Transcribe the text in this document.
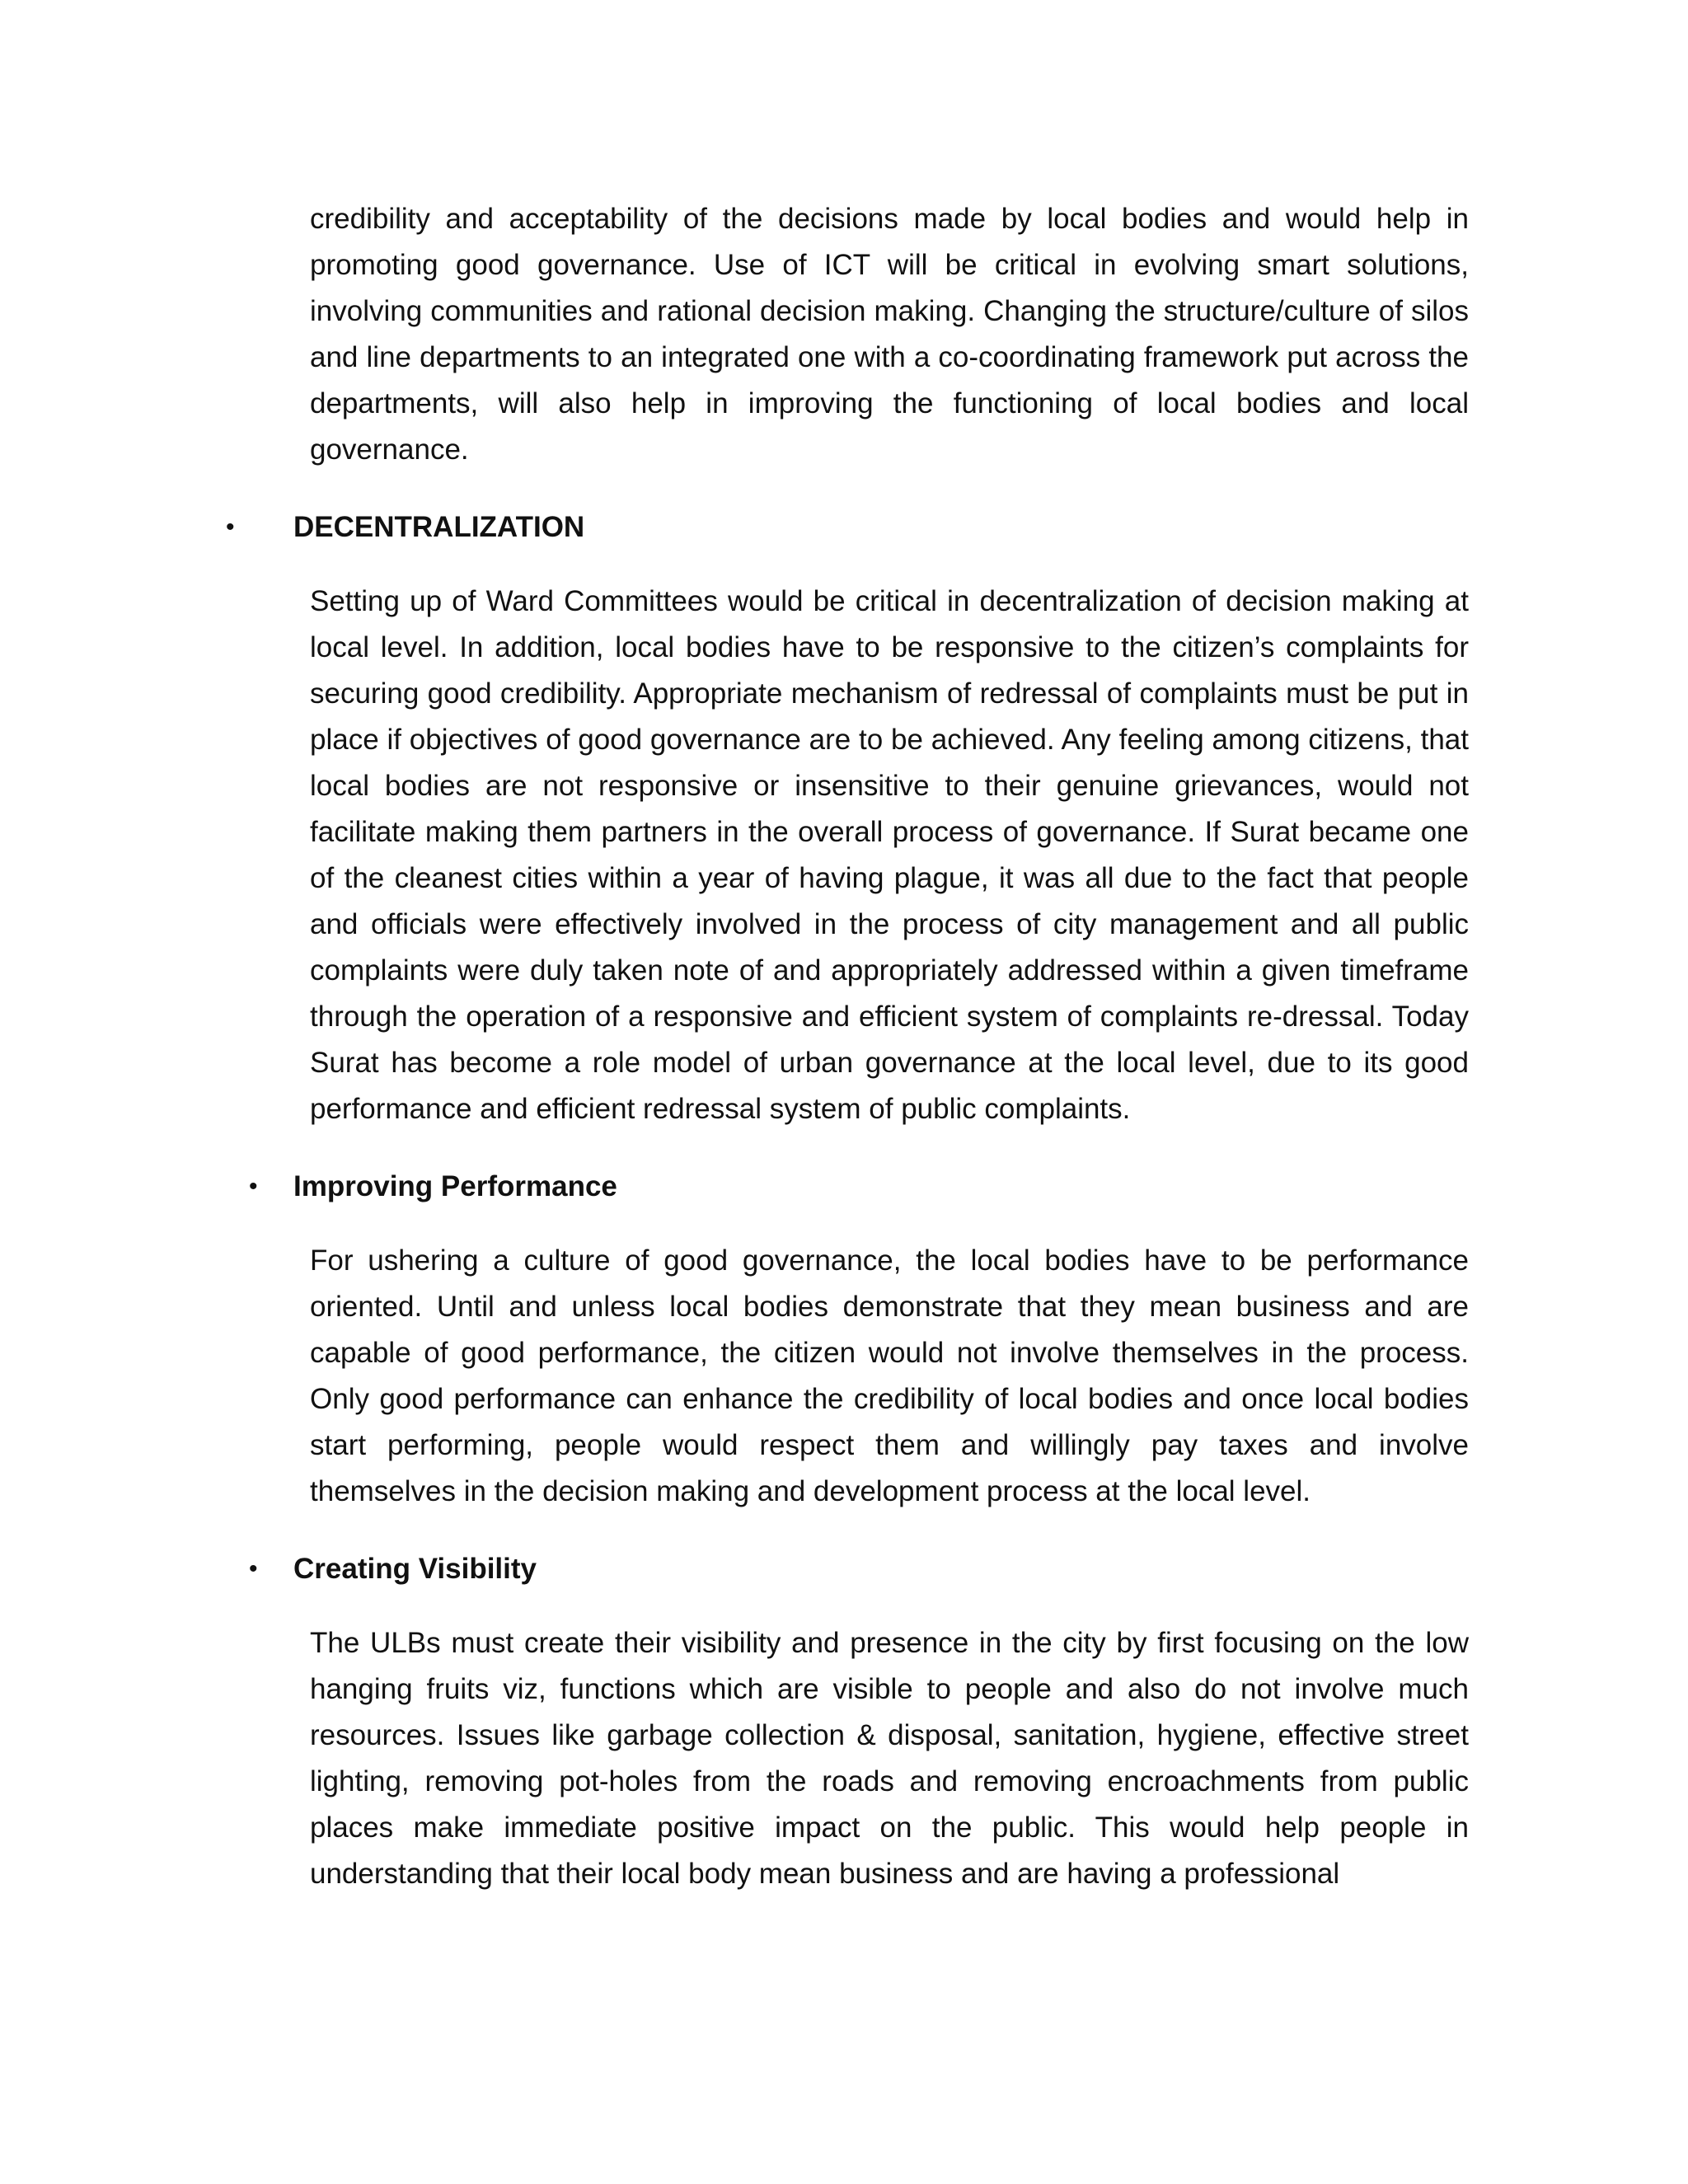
credibility and acceptability of the decisions made by local bodies and would help in promoting good governance. Use of ICT will be critical in evolving smart solutions, involving communities and rational decision making. Changing the structure/culture of silos and line departments to an integrated one with a co-coordinating framework put across the departments, will also help in improving the functioning of local bodies and local governance.

• DECENTRALIZATION

Setting up of Ward Committees would be critical in decentralization of decision making at local level. In addition, local bodies have to be responsive to the citizen’s complaints for securing good credibility. Appropriate mechanism of redressal of complaints must be put in place if objectives of good governance are to be achieved. Any feeling among citizens, that local bodies are not responsive or insensitive to their genuine grievances, would not facilitate making them partners in the overall process of governance. If Surat became one of the cleanest cities within a year of having plague, it was all due to the fact that people and officials were effectively involved in the process of city management and all public complaints were duly taken note of and appropriately addressed within a given timeframe through the operation of a responsive and efficient system of complaints re-dressal. Today Surat has become a role model of urban governance at the local level, due to its good performance and efficient redressal system of public complaints.

• Improving Performance

For ushering a culture of good governance, the local bodies have to be performance oriented. Until and unless local bodies demonstrate that they mean business and are capable of good performance, the citizen would not involve themselves in the process. Only good performance can enhance the credibility of local bodies and once local bodies start performing, people would respect them and willingly pay taxes and involve themselves in the decision making and development process at the local level.

• Creating Visibility

The ULBs must create their visibility and presence in the city by first focusing on the low hanging fruits viz, functions which are visible to people and also do not involve much resources. Issues like garbage collection & disposal, sanitation, hygiene, effective street lighting, removing pot-holes from the roads and removing encroachments from public places make immediate positive impact on the public. This would help people in understanding that their local body mean business and are having a professional
